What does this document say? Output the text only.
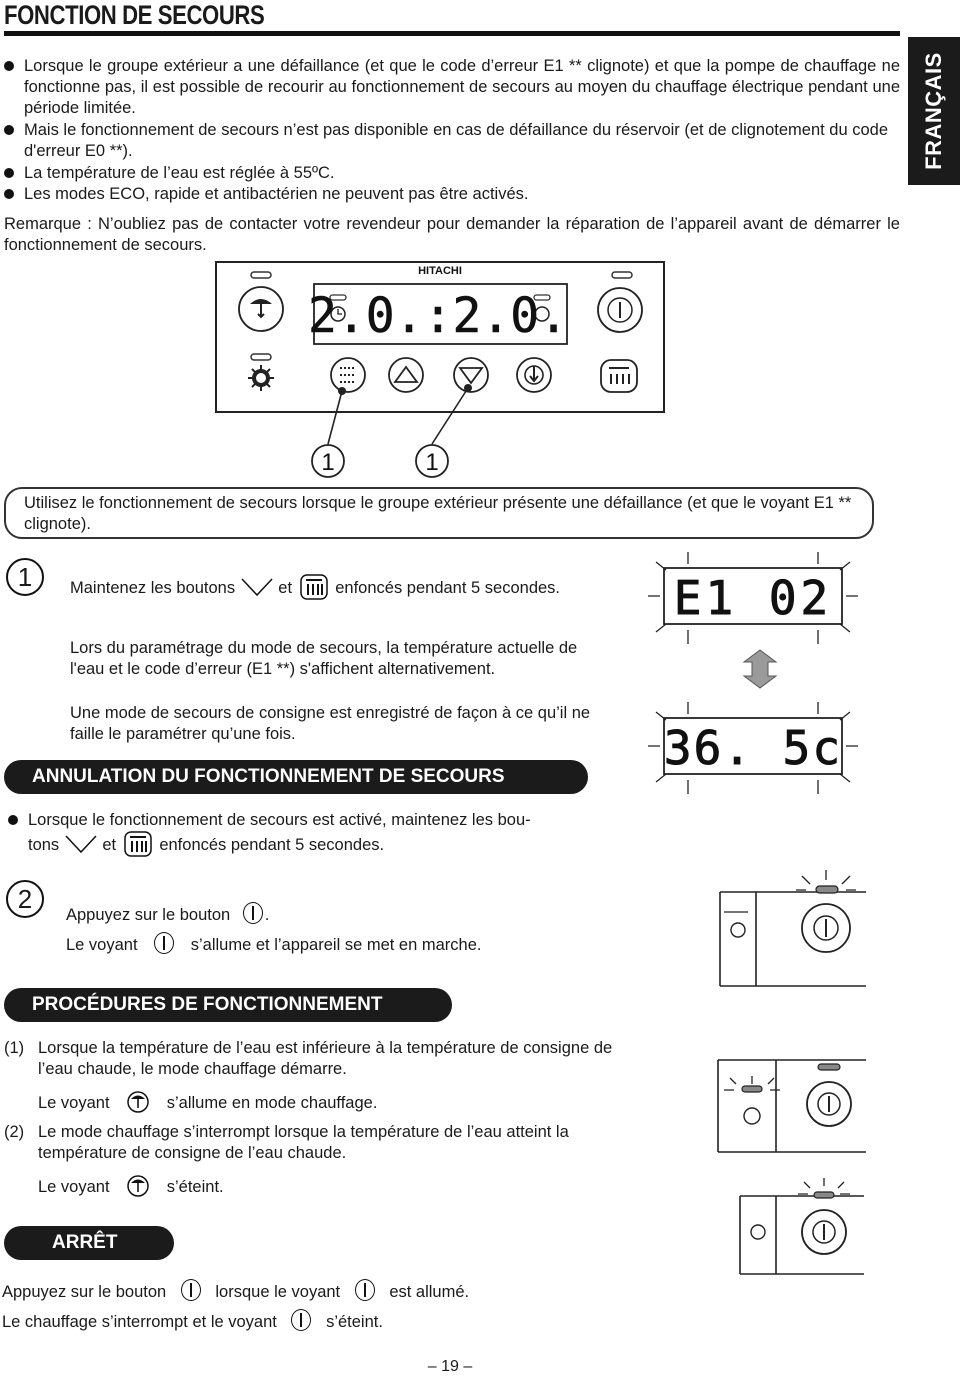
FONCTION DE SECOURS
FRANÇAIS
Lorsque le groupe extérieur a une défaillance (et que le code d’erreur E1 ** clignote) et que la pompe de chauffage ne fonctionne pas, il est possible de recourir au fonctionnement de secours au moyen du chauffage électrique pendant une période limitée.
Mais le fonctionnement de secours n’est pas disponible en cas de défaillance du réservoir (et de clignotement du code d'erreur E0 **).
La température de l’eau est réglée à 55ºC.
Les modes ECO, rapide et antibactérien ne peuvent pas être activés.
Remarque : N’oubliez pas de contacter votre revendeur pour demander la réparation de l’appareil avant de démarrer le fonctionnement de secours.
HITACHI
2.0.:2.0.
1	1
Utilisez le fonctionnement de secours lorsque le groupe extérieur présente une défaillance (et que le voyant E1 ** clignote).
1	Maintenez les boutons	et	enfoncés pendant 5 secondes.
Lors du paramétrage du mode de secours, la température actuelle de l'eau et le code d’erreur (E1 **) s'affichent alternativement.
Une mode de secours de consigne est enregistré de façon à ce qu’il ne faille le paramétrer qu’une fois.
E1 02
36. 5c
ANNULATION DU FONCTIONNEMENT DE SECOURS
Lorsque le fonctionnement de secours est activé, maintenez les bou-
tons	et	enfoncés pendant 5 secondes.
2
Appuyez sur le bouton .
Le voyant	s’allume et l’appareil se met en marche.
PROCÉDURES DE FONCTIONNEMENT
(1) Lorsque la température de l’eau est inférieure à la température de consigne de l’eau chaude, le mode chauffage démarre.
Le voyant	s’allume en mode chauffage.
(2) Le mode chauffage s’interrompt lorsque la température de l’eau atteint la température de consigne de l’eau chaude.
Le voyant	s’éteint.
ARRÊT
Appuyez sur le bouton	lorsque le voyant	est allumé.
Le chauffage s’interrompt et le voyant	s’éteint.
– 19 –
